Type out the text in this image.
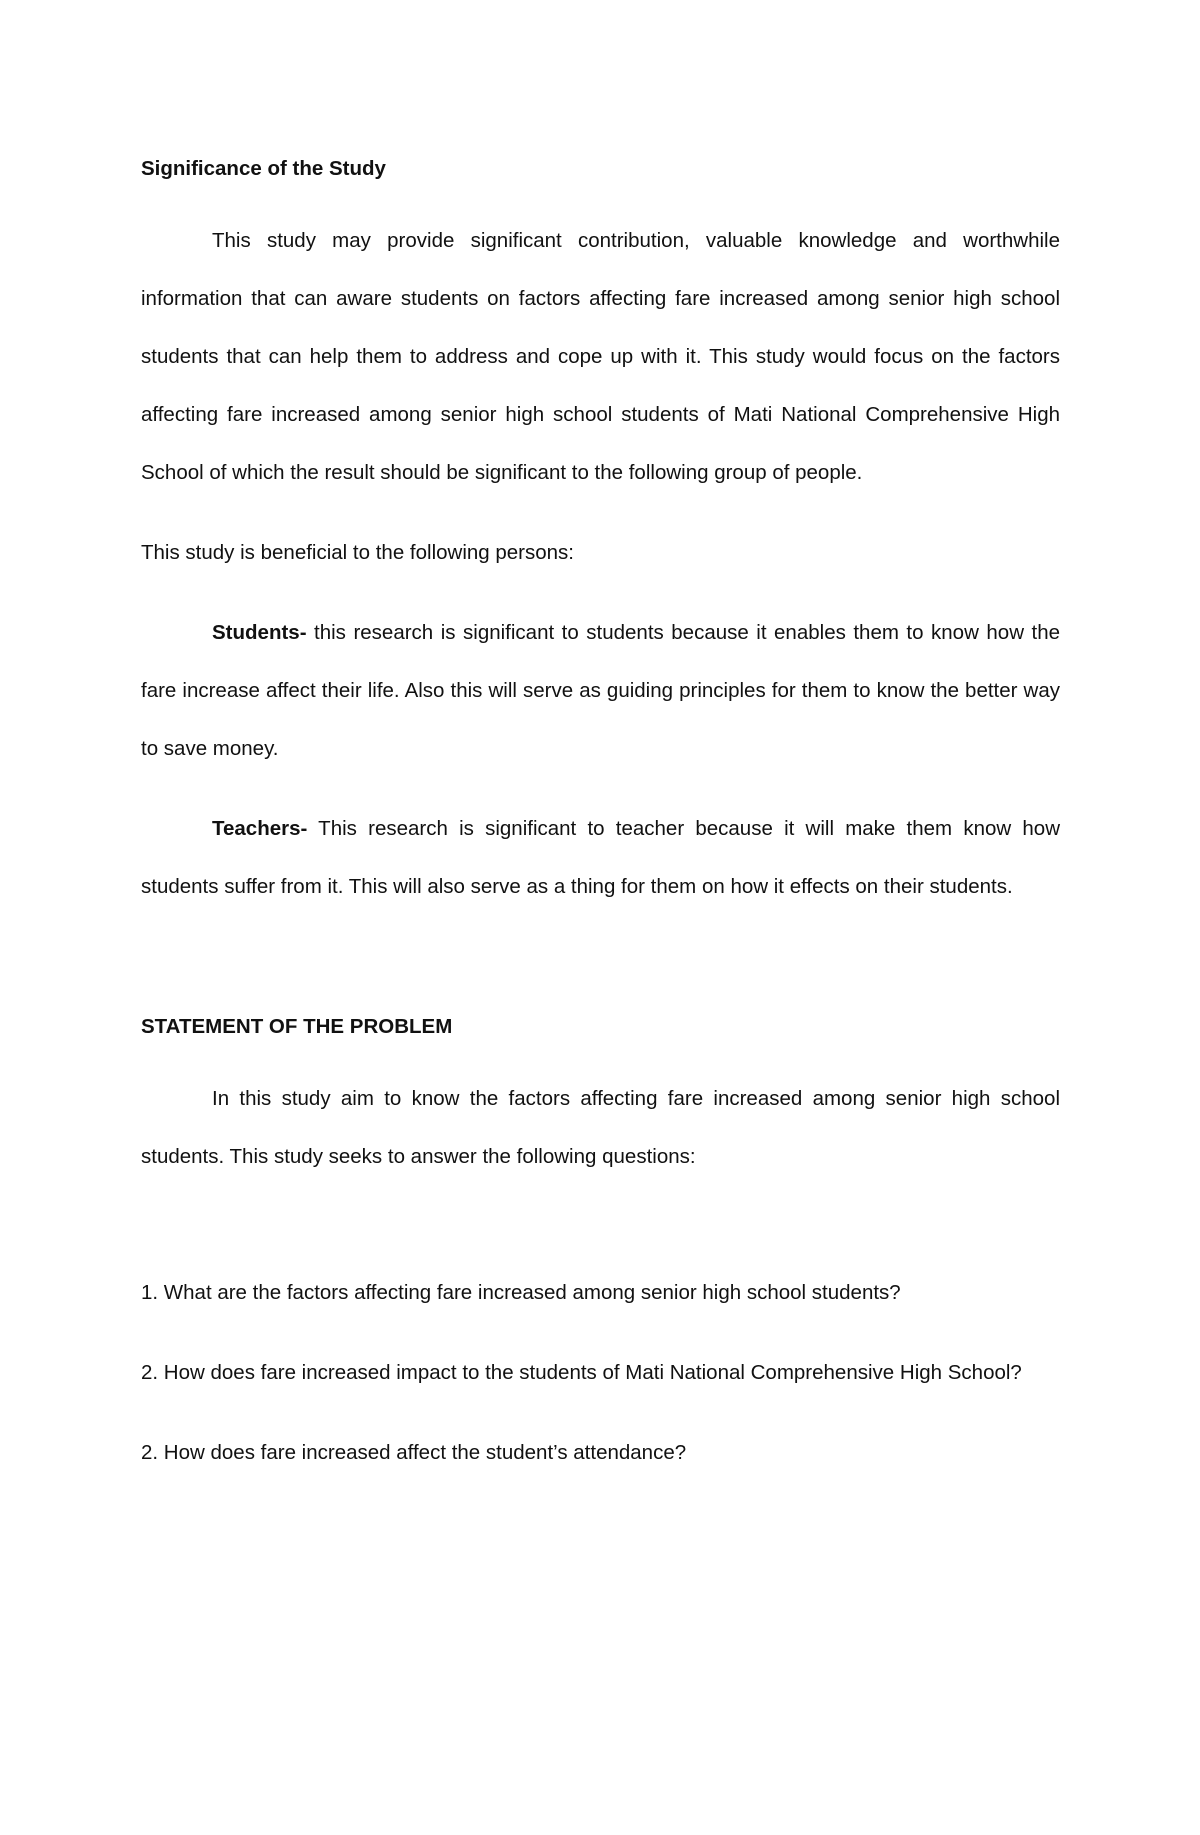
Significance of the Study

This study may provide significant contribution, valuable knowledge and worthwhile information that can aware students on factors affecting fare increased among senior high school students that can help them to address and cope up with it. This study would focus on the factors affecting fare increased among senior high school students of Mati National Comprehensive High School of which the result should be significant to the following group of people.

This study is beneficial to the following persons:

Students- this research is significant to students because it enables them to know how the fare increase affect their life. Also this will serve as guiding principles for them to know the better way to save money.

Teachers- This research is significant to teacher because it will make them know how students suffer from it. This will also serve as a thing for them on how it effects on their students.

STATEMENT OF THE PROBLEM

In this study aim to know the factors affecting fare increased among senior high school students. This study seeks to answer the following questions:

1. What are the factors affecting fare increased among senior high school students?

2. How does fare increased impact to the students of Mati National Comprehensive High School?

2. How does fare increased affect the student’s attendance?
